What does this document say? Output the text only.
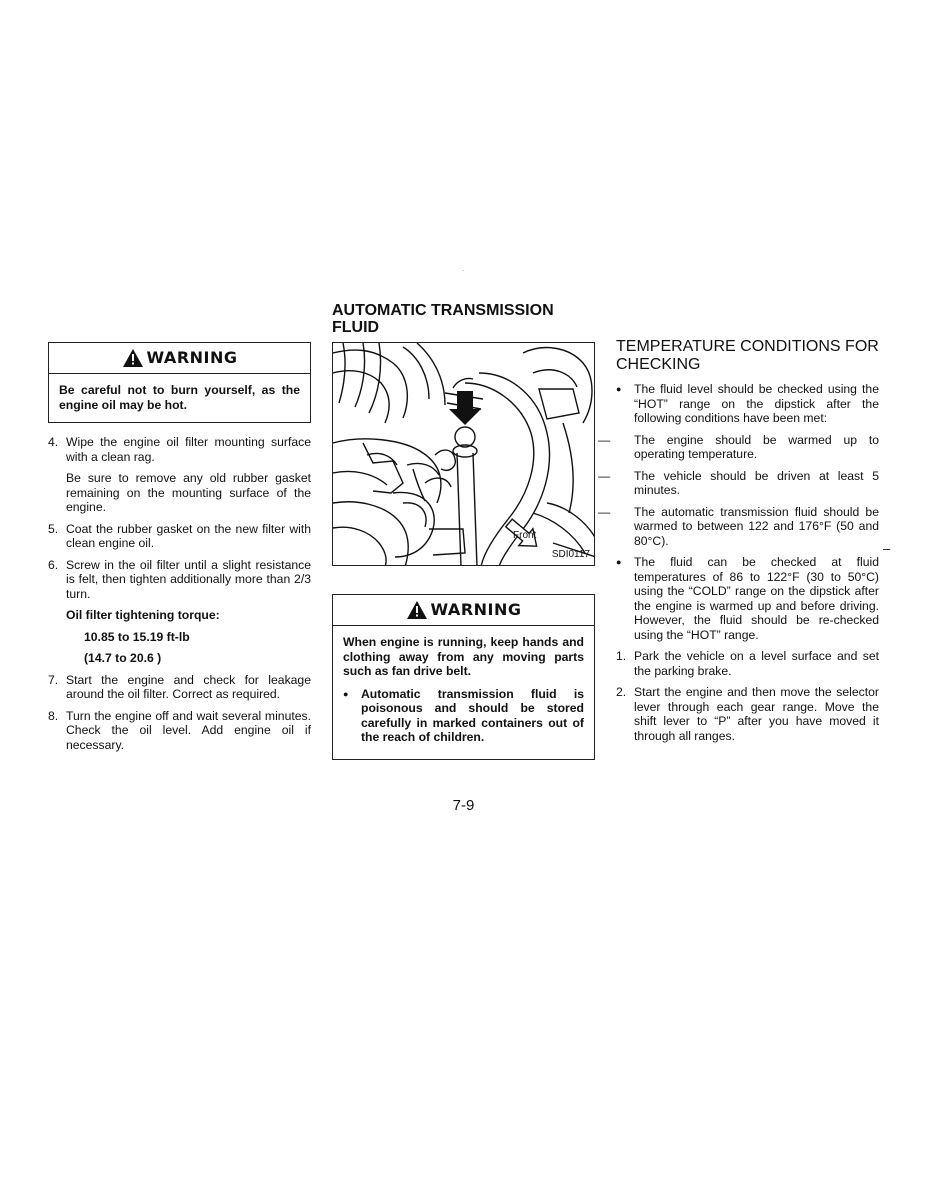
·
WARNING

Be careful not to burn yourself, as the engine oil may be hot.

4. Wipe the engine oil filter mounting surface with a clean rag.
Be sure to remove any old rubber gasket remaining on the mounting surface of the engine.
5. Coat the rubber gasket on the new filter with clean engine oil.
6. Screw in the oil filter until a slight resistance is felt, then tighten additionally more than 2/3 turn.
Oil filter tightening torque:
10.85 to 15.19 ft-lb
(14.7 to 20.6 )
7. Start the engine and check for leakage around the oil filter. Correct as required.
8. Turn the engine off and wait several minutes. Check the oil level. Add engine oil if necessary.
AUTOMATIC TRANSMISSION FLUID
Front
SDI0117
WARNING

When engine is running, keep hands and clothing away from any moving parts such as fan drive belt.

●
Automatic transmission fluid is poisonous and should be stored carefully in marked containers out of the reach of children.
TEMPERATURE CONDITIONS FOR CHECKING
●
The fluid level should be checked using the “HOT” range on the dipstick after the following conditions have been met:
—	The engine should be warmed up to operating temperature.
—	The vehicle should be driven at least 5 minutes.
—	The automatic transmission fluid should be warmed to between 122 and 176°F (50 and 80°C).
●
The fluid can be checked at fluid temperatures of 86 to 122°F (30 to 50°C) using the “COLD” range on the dipstick after the engine is warmed up and before driving. However, the fluid should be re-checked using the “HOT” range.
1. Park the vehicle on a level surface and set the parking brake.
2. Start the engine and then move the selector lever through each gear range. Move the shift lever to “P” after you have moved it through all ranges.
–
7-9
